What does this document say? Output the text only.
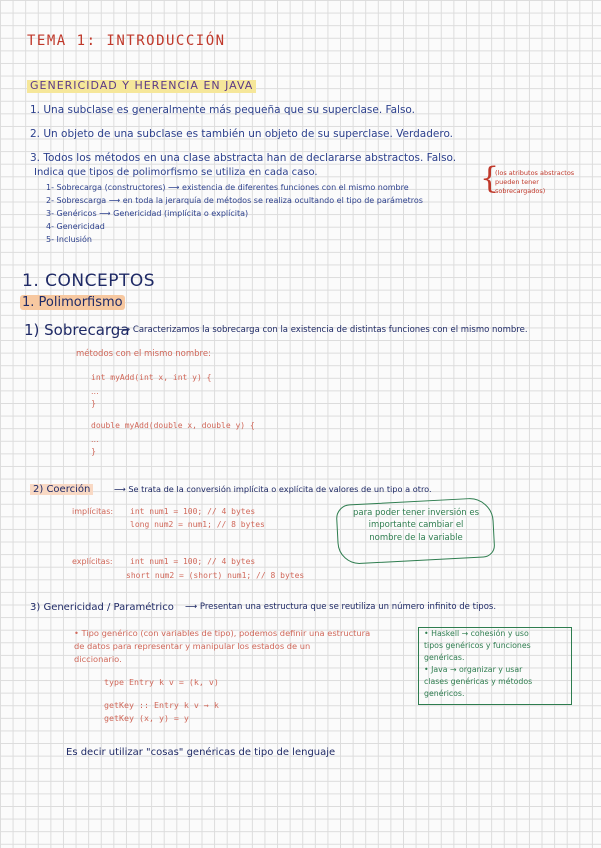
TEMA 1: INTRODUCCIÓN
GENERICIDAD Y HERENCIA EN JAVA
1. Una subclase es generalmente más pequeña que su superclase. Falso.
2. Un objeto de una subclase es también un objeto de su superclase. Verdadero.
3. Todos los métodos en una clase abstracta han de declararse abstractos. Falso.
Indica que tipos de polimorfismo se utiliza en cada caso.
1- Sobrecarga (constructores) ⟶ existencia de diferentes funciones con el mismo nombre
2- Sobrescarga ⟶ en toda la jerarquía de métodos se realiza ocultando el tipo de parámetros
3- Genéricos ⟶ Genericidad (implícita o explícita)
4- Genericidad
5- Inclusión
{
(los atributos abstractos pueden tener sobrecargados)
1. CONCEPTOS
1. Polimorfismo
1) Sobrecarga
⟶ Caracterizamos la sobrecarga con la existencia de distintas funciones con el mismo nombre.
métodos con el mismo nombre:
int myAdd(int x, int y) {
...
}
double myAdd(double x, double y) {
...
}
2) Coerción	⟶ Se trata de la conversión implícita o explícita de valores de un tipo a otro.
implícitas: int num1 = 100; // 4 bytes
long num2 = num1; // 8 bytes
explícitas: int num1 = 100; // 4 bytes
short num2 = (short) num1; // 8 bytes
para poder tener inversión es importante cambiar el nombre de la variable
3) Genericidad / Paramétrico ⟶ Presentan una estructura que se reutiliza un número infinito de tipos.
• Tipo genérico (con variables de tipo), podemos definir una estructura
de datos para representar y manipular los estados de un
diccionario.
type Entry k v = (k, v)
getKey :: Entry k v → k
getKey (x, y) = y
• Haskell → cohesión y uso
tipos genéricos y funciones
genéricas.
• Java → organizar y usar
clases genéricas y métodos
genéricos.
Es decir utilizar "cosas" genéricas de tipo de lenguaje
